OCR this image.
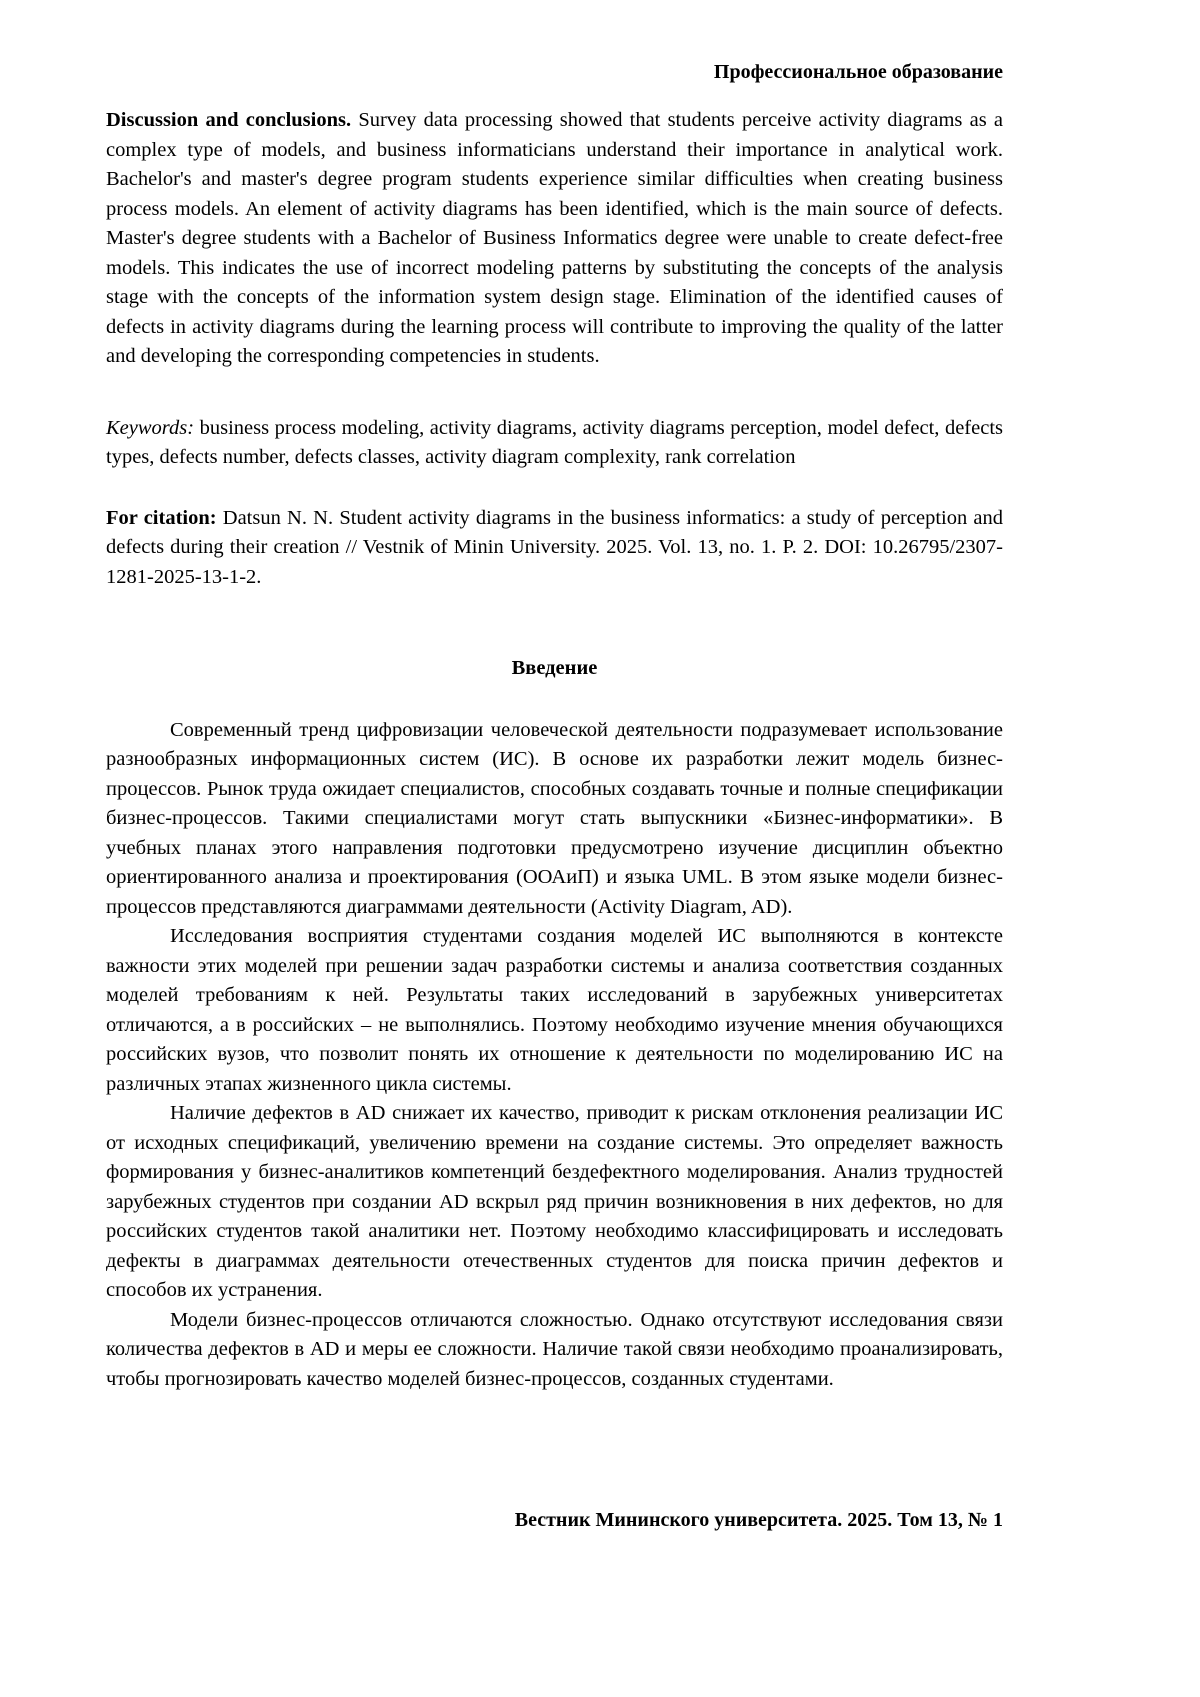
Профессиональное образование

Discussion and conclusions. Survey data processing showed that students perceive activity diagrams as a complex type of models, and business informaticians understand their importance in analytical work. Bachelor's and master's degree program students experience similar difficulties when creating business process models. An element of activity diagrams has been identified, which is the main source of defects. Master's degree students with a Bachelor of Business Informatics degree were unable to create defect-free models. This indicates the use of incorrect modeling patterns by substituting the concepts of the analysis stage with the concepts of the information system design stage. Elimination of the identified causes of defects in activity diagrams during the learning process will contribute to improving the quality of the latter and developing the corresponding competencies in students.

Keywords: business process modeling, activity diagrams, activity diagrams perception, model defect, defects types, defects number, defects classes, activity diagram complexity, rank correlation

For citation: Datsun N. N. Student activity diagrams in the business informatics: a study of perception and defects during their creation // Vestnik of Minin University. 2025. Vol. 13, no. 1. P. 2. DOI: 10.26795/2307-1281-2025-13-1-2.

Введение

Современный тренд цифровизации человеческой деятельности подразумевает использование разнообразных информационных систем (ИС). В основе их разработки лежит модель бизнес-процессов. Рынок труда ожидает специалистов, способных создавать точные и полные спецификации бизнес-процессов. Такими специалистами могут стать выпускники «Бизнес-информатики». В учебных планах этого направления подготовки предусмотрено изучение дисциплин объектно ориентированного анализа и проектирования (ООАиП) и языка UML. В этом языке модели бизнес-процессов представляются диаграммами деятельности (Activity Diagram, AD).

Исследования восприятия студентами создания моделей ИС выполняются в контексте важности этих моделей при решении задач разработки системы и анализа соответствия созданных моделей требованиям к ней. Результаты таких исследований в зарубежных университетах отличаются, а в российских – не выполнялись. Поэтому необходимо изучение мнения обучающихся российских вузов, что позволит понять их отношение к деятельности по моделированию ИС на различных этапах жизненного цикла системы.

Наличие дефектов в AD снижает их качество, приводит к рискам отклонения реализации ИС от исходных спецификаций, увеличению времени на создание системы. Это определяет важность формирования у бизнес-аналитиков компетенций бездефектного моделирования. Анализ трудностей зарубежных студентов при создании AD вскрыл ряд причин возникновения в них дефектов, но для российских студентов такой аналитики нет. Поэтому необходимо классифицировать и исследовать дефекты в диаграммах деятельности отечественных студентов для поиска причин дефектов и способов их устранения.

Модели бизнес-процессов отличаются сложностью. Однако отсутствуют исследования связи количества дефектов в AD и меры ее сложности. Наличие такой связи необходимо проанализировать, чтобы прогнозировать качество моделей бизнес-процессов, созданных студентами.

Вестник Мининского университета. 2025. Том 13, № 1
